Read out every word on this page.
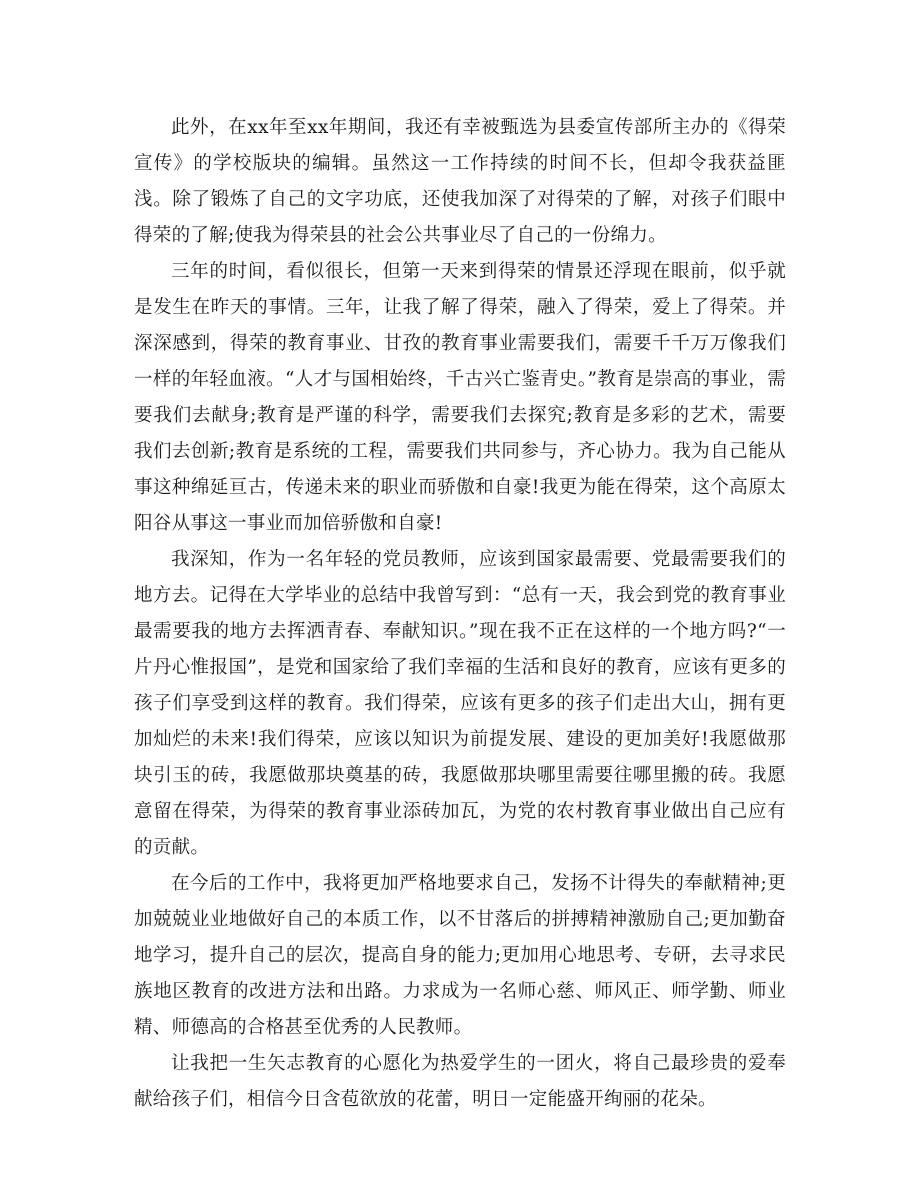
此外，在xx年至xx年期间，我还有幸被甄选为县委宣传部所主办的《得荣宣传》的学校版块的编辑。虽然这一工作持续的时间不长，但却令我获益匪浅。除了锻炼了自己的文字功底，还使我加深了对得荣的了解，对孩子们眼中得荣的了解;使我为得荣县的社会公共事业尽了自己的一份绵力。

三年的时间，看似很长，但第一天来到得荣的情景还浮现在眼前，似乎就是发生在昨天的事情。三年，让我了解了得荣，融入了得荣，爱上了得荣。并深深感到，得荣的教育事业、甘孜的教育事业需要我们，需要千千万万像我们一样的年轻血液。“人才与国相始终，千古兴亡鉴青史。”教育是崇高的事业，需要我们去献身;教育是严谨的科学，需要我们去探究;教育是多彩的艺术，需要我们去创新;教育是系统的工程，需要我们共同参与，齐心协力。我为自己能从事这种绵延亘古，传递未来的职业而骄傲和自豪!我更为能在得荣，这个高原太阳谷从事这一事业而加倍骄傲和自豪!

我深知，作为一名年轻的党员教师，应该到国家最需要、党最需要我们的地方去。记得在大学毕业的总结中我曾写到：“总有一天，我会到党的教育事业最需要我的地方去挥洒青春、奉献知识。”现在我不正在这样的一个地方吗?“一片丹心惟报国”，是党和国家给了我们幸福的生活和良好的教育，应该有更多的孩子们享受到这样的教育。我们得荣，应该有更多的孩子们走出大山，拥有更加灿烂的未来!我们得荣，应该以知识为前提发展、建设的更加美好!我愿做那块引玉的砖，我愿做那块奠基的砖，我愿做那块哪里需要往哪里搬的砖。我愿意留在得荣，为得荣的教育事业添砖加瓦，为党的农村教育事业做出自己应有的贡献。

在今后的工作中，我将更加严格地要求自己，发扬不计得失的奉献精神;更加兢兢业业地做好自己的本质工作，以不甘落后的拼搏精神激励自己;更加勤奋地学习，提升自己的层次，提高自身的能力;更加用心地思考、专研，去寻求民族地区教育的改进方法和出路。力求成为一名师心慈、师风正、师学勤、师业精、师德高的合格甚至优秀的人民教师。

让我把一生矢志教育的心愿化为热爱学生的一团火，将自己最珍贵的爱奉献给孩子们，相信今日含苞欲放的花蕾，明日一定能盛开绚丽的花朵。
